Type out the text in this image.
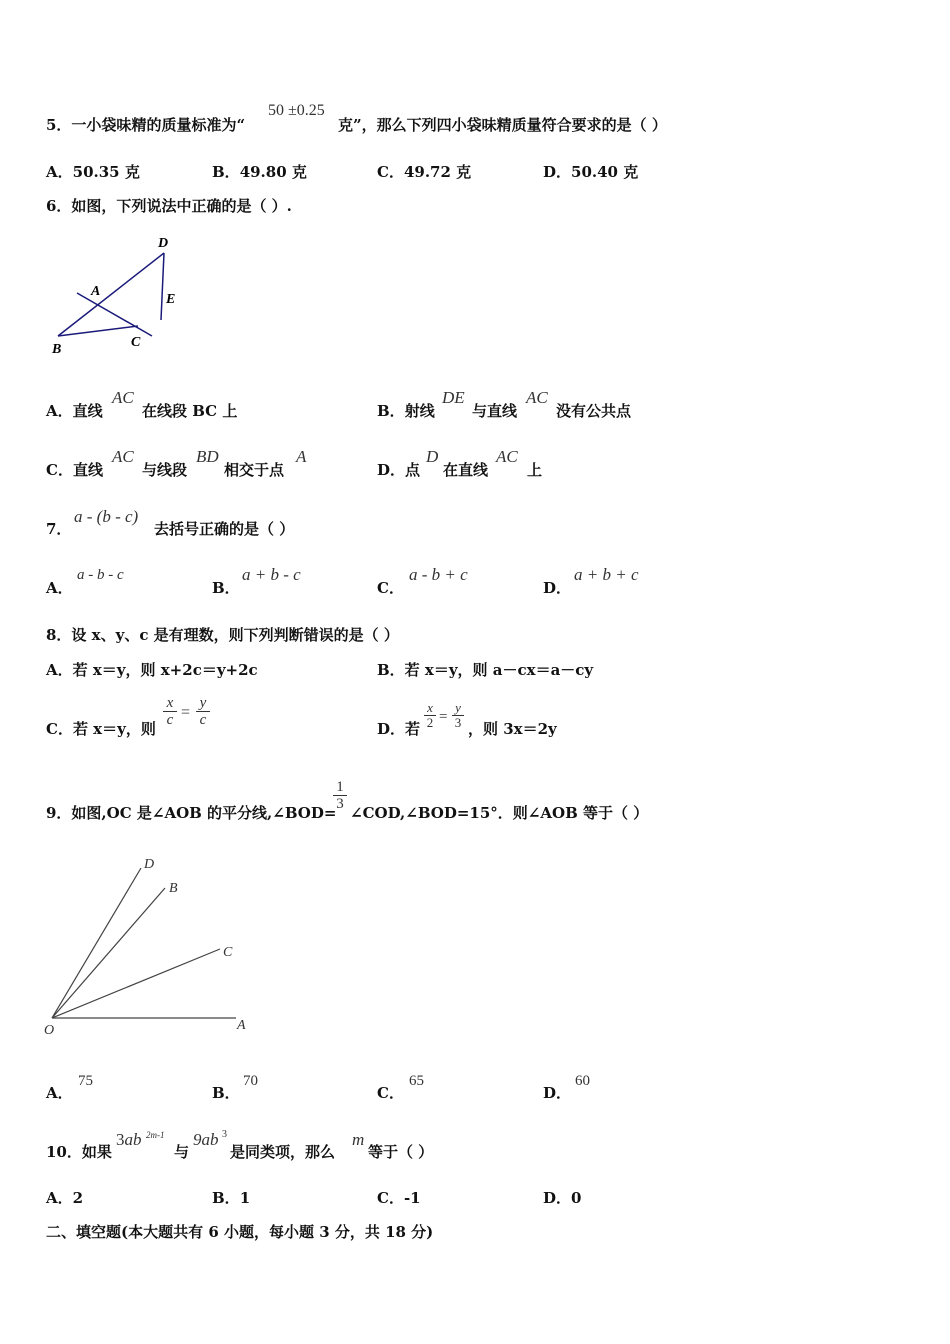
5．一小袋味精的质量标准为“
50 ±0.25
克”，那么下列四小袋味精质量符合要求的是（ ）
A．50.35 克	B．49.80 克	C．49.72 克	D．50.40 克
6．如图，下列说法中正确的是（ ）.
D
A
E
B	C
A．直线
AC
在线段 BC 上	B．射线
DE
与直线
AC
没有公共点
C．直线
AC
与线段
BD
相交于点
A
D．点
D
在直线
AC
上
7．
a - (b - c)
去括号正确的是（ ）
A．
a - b - c
B．
a + b - c
C．
a - b + c
D．
a + b + c
8．设 x、y、c 是有理数，则下列判断错误的是（ ）
A．若 x＝y，则 x+2c＝y+2c	B．若 x＝y，则 a－cx＝a－cy
C．若 x＝y，则
$\frac{x}{c} = \frac{y}{c}$
D．若 $\frac{x}{2} = \frac{y}{3}$ ，则 3x＝2y
9．如图,OC 是∠AOB 的平分线,∠BOD=
$\frac{1}{3}$
∠COD,∠BOD=15°．则∠AOB 等于（ ）
D
B
C
O	A
A．
75
B．
70
C．
65
D．
60
10．如果
3ab 2m-1
与
9ab 3
是同类项，那么
m
等于（ ）
A．2	B．1	C．-1	D．0
二、填空题(本大题共有 6 小题，每小题 3 分，共 18 分)
